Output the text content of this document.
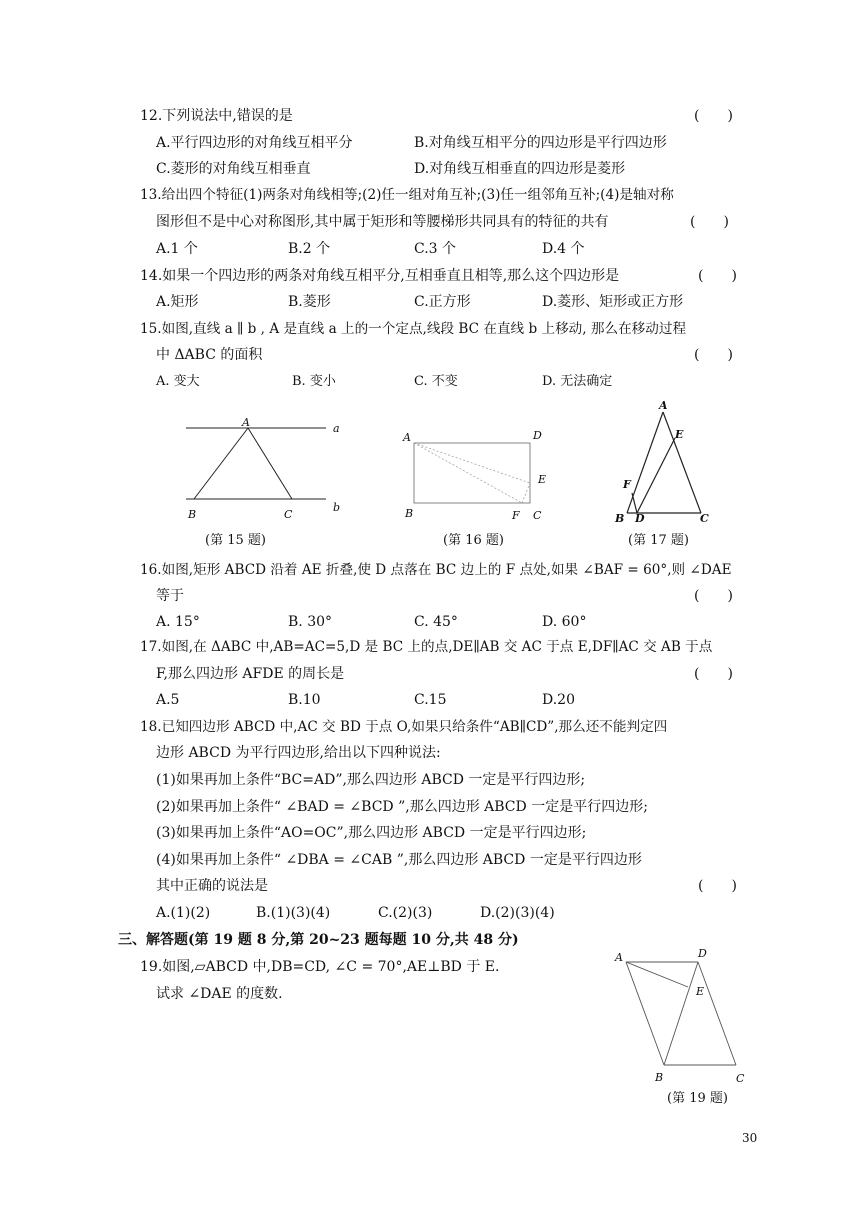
12.下列说法中,错误的是	(　　)
A.平行四边形的对角线互相平分	B.对角线互相平分的四边形是平行四边形
C.菱形的对角线互相垂直	D.对角线互相垂直的四边形是菱形
13.给出四个特征(1)两条对角线相等;(2)任一组对角互补;(3)任一组邻角互补;(4)是轴对称
图形但不是中心对称图形,其中属于矩形和等腰梯形共同具有的特征的共有	(　　)
A.1 个	B.2 个	C.3 个	D.4 个
14.如果一个四边形的两条对角线互相平分,互相垂直且相等,那么这个四边形是	(　　)
A.矩形	B.菱形	C.正方形	D.菱形、矩形或正方形
15.如图,直线 a ∥ b , A 是直线 a 上的一个定点,线段 BC 在直线 b 上移动, 那么在移动过程
中 ΔABC 的面积	(　　)
A. 变大	B. 变小	C. 不变	D. 无法确定
A	a
B	C
b
(第 15 题)
A	D
E
B	F C
(第 16 题)
A
E
F
B D	C
(第 17 题)
16.如图,矩形 ABCD 沿着 AE 折叠,使 D 点落在 BC 边上的 F 点处,如果 ∠BAF = 60°,则 ∠DAE
等于	(　　)
A. 15°	B. 30°	C. 45°	D. 60°
17.如图,在 ΔABC 中,AB=AC=5,D 是 BC 上的点,DE∥AB 交 AC 于点 E,DF∥AC 交 AB 于点
F,那么四边形 AFDE 的周长是	(　　)
A.5	B.10	C.15	D.20
18.已知四边形 ABCD 中,AC 交 BD 于点 O,如果只给条件“AB∥CD”,那么还不能判定四
边形 ABCD 为平行四边形,给出以下四种说法:
(1)如果再加上条件“BC=AD”,那么四边形 ABCD 一定是平行四边形;
(2)如果再加上条件“ ∠BAD = ∠BCD ”,那么四边形 ABCD 一定是平行四边形;
(3)如果再加上条件“AO=OC”,那么四边形 ABCD 一定是平行四边形;
(4)如果再加上条件“ ∠DBA = ∠CAB ”,那么四边形 ABCD 一定是平行四边形
其中正确的说法是	(　　)
A.(1)(2)	B.(1)(3)(4)	C.(2)(3)	D.(2)(3)(4)
三、解答题(第 19 题 8 分,第 20~23 题每题 10 分,共 48 分)
19.如图,▱ABCD 中,DB=CD, ∠C = 70°,AE⊥BD 于 E.
试求 ∠DAE 的度数.
A	D
E
B	C
(第 19 题)
30
